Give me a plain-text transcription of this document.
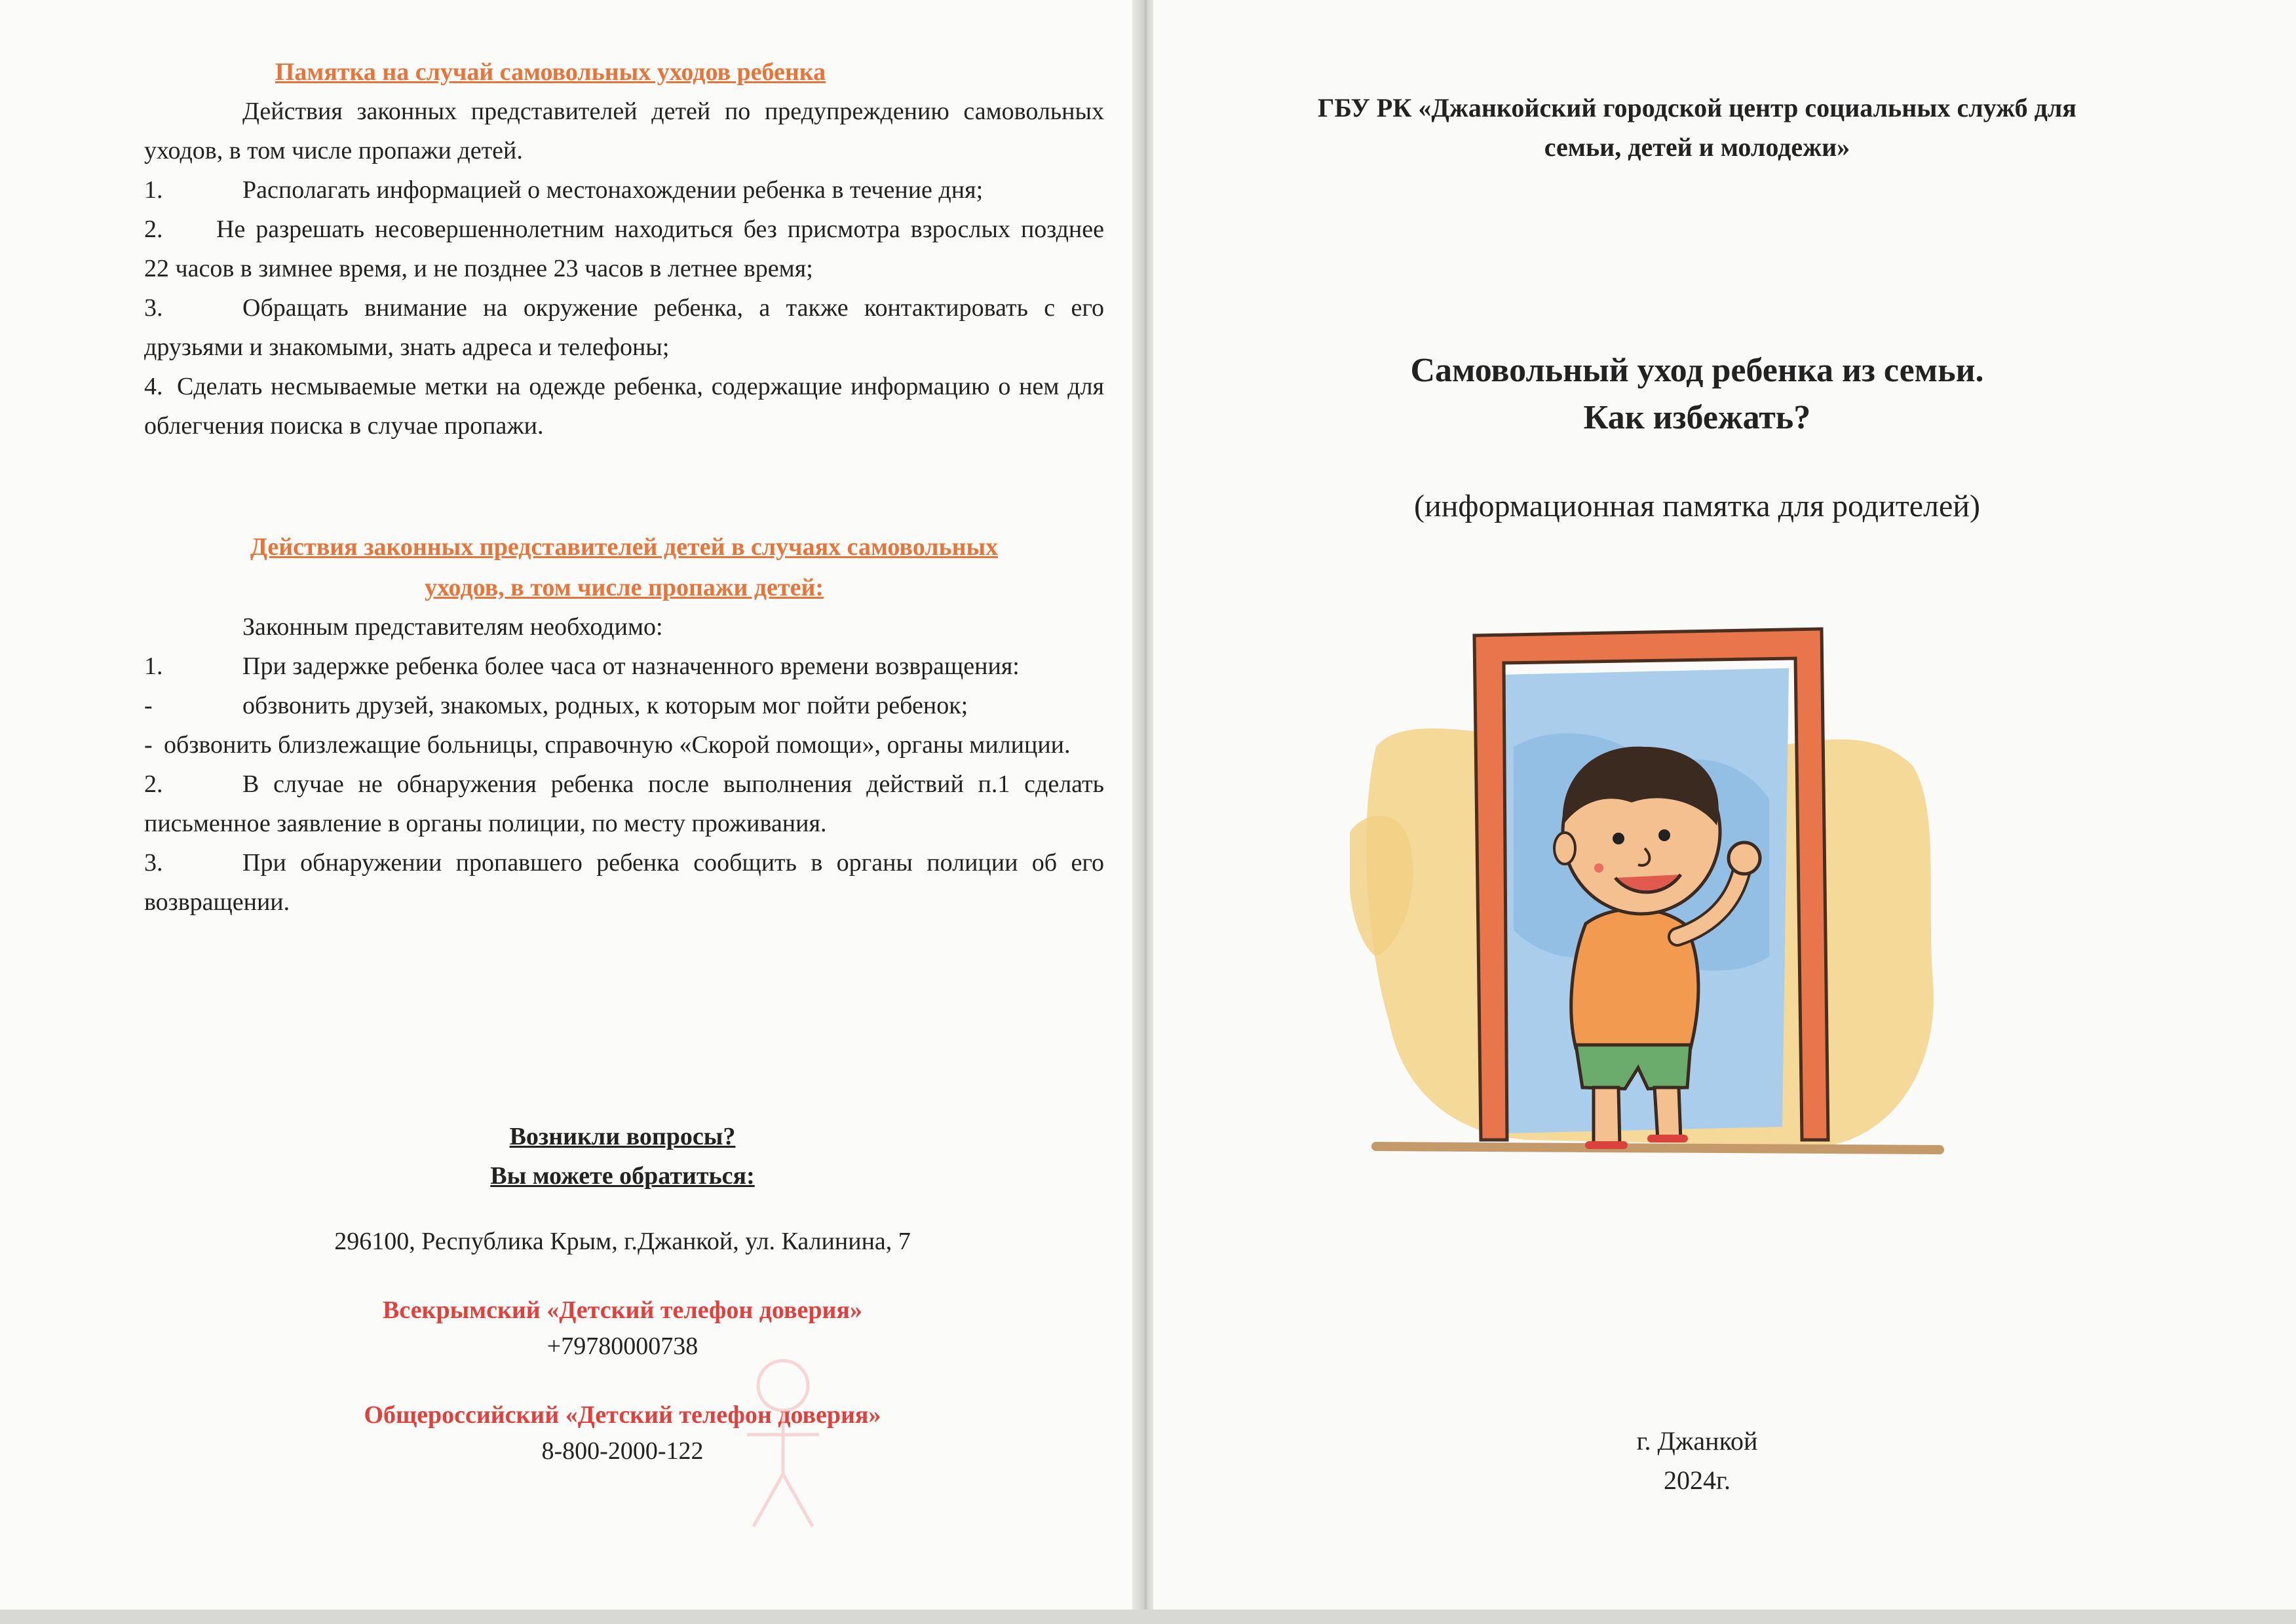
Памятка на случай самовольных уходов ребенка
Действия законных представителей детей по предупреждению самовольных уходов, в том числе пропажи детей.
1.	Располагать информацией о местонахождении ребенка в течение дня;
2. Не разрешать несовершеннолетним находиться без присмотра взрослых позднее 22 часов в зимнее время, и не позднее 23 часов в летнее время;
3.	Обращать внимание на окружение ребенка, а также контактировать с его друзьями и знакомыми, знать адреса и телефоны;
4. Сделать несмываемые метки на одежде ребенка, содержащие информацию о нем для облегчения поиска в случае пропажи.
Действия законных представителей детей в случаях самовольных
уходов, в том числе пропажи детей:
Законным представителям необходимо:
1.	При задержке ребенка более часа от назначенного времени возвращения:
-	обзвонить друзей, знакомых, родных, к которым мог пойти ребенок;
- обзвонить близлежащие больницы, справочную «Скорой помощи», органы милиции.
2.	В случае не обнаружения ребенка после выполнения действий п.1 сделать письменное заявление в органы полиции, по месту проживания.
3.	При обнаружении пропавшего ребенка сообщить в органы полиции об его возвращении.
Возникли вопросы?
Вы можете обратиться:
296100, Республика Крым, г.Джанкой, ул. Калинина, 7
Всекрымский «Детский телефон доверия»
+79780000738
Общероссийский «Детский телефон доверия»
8-800-2000-122
ГБУ РК «Джанкойский городской центр социальных служб для
семьи, детей и молодежи»
Самовольный уход ребенка из семьи.
Как избежать?
(информационная памятка для родителей)
г. Джанкой
2024г.
